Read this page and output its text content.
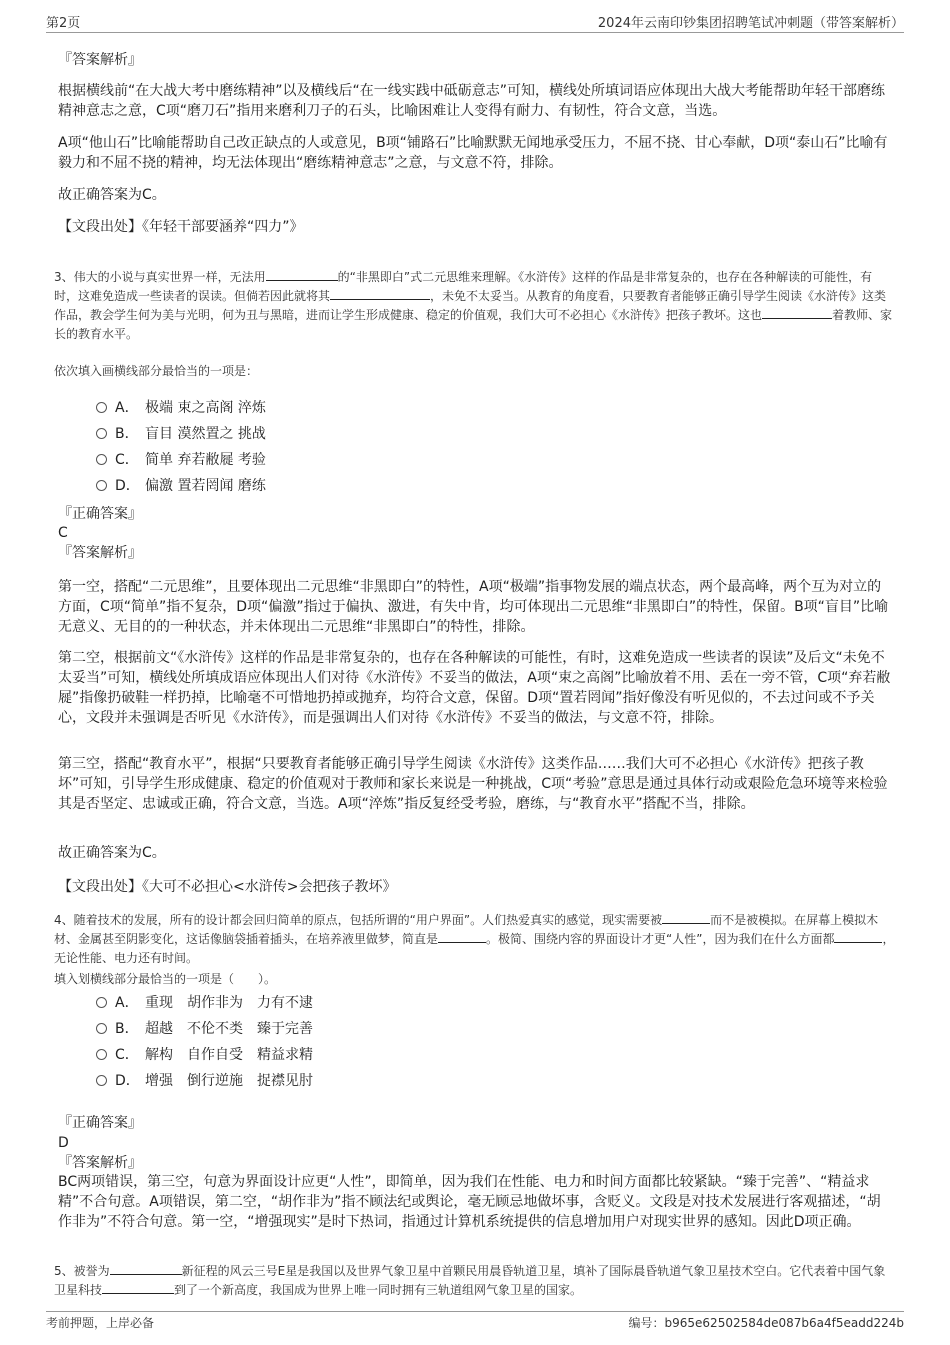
第2页	2024年云南印钞集团招聘笔试冲刺题（带答案解析）

『答案解析』

根据横线前“在大战大考中磨练精神”以及横线后“在一线实践中砥砺意志”可知，横线处所填词语应体现出大战大考能帮助年轻干部磨练精神意志之意，C项“磨刀石”指用来磨利刀子的石头，比喻困难让人变得有耐力、有韧性，符合文意，当选。

A项“他山石”比喻能帮助自己改正缺点的人或意见，B项“铺路石”比喻默默无闻地承受压力，不屈不挠、甘心奉献，D项“泰山石”比喻有毅力和不屈不挠的精神，均无法体现出“磨练精神意志”之意，与文意不符，排除。

故正确答案为C。

【文段出处】《年轻干部要涵养“四力”》

3、伟大的小说与真实世界一样，无法用	的“非黑即白”式二元思维来理解。《水浒传》这样的作品是非常复杂的，也存在各种解读的可能性，有时，这难免造成一些读者的误读。但倘若因此就将其	，未免不太妥当。从教育的角度看，只要教育者能够正确引导学生阅读《水浒传》这类作品，教会学生何为美与光明，何为丑与黑暗，进而让学生形成健康、稳定的价值观，我们大可不必担心《水浒传》把孩子教坏。这也	着教师、家长的教育水平。

依次填入画横线部分最恰当的一项是：

A． 极端 束之高阁 淬炼
B． 盲目 漠然置之 挑战
C． 简单 弃若敝屣 考验
D． 偏激 置若罔闻 磨练

『正确答案』

C

『答案解析』

第一空，搭配“二元思维”，且要体现出二元思维“非黑即白”的特性，A项“极端”指事物发展的端点状态，两个最高峰，两个互为对立的方面，C项“简单”指不复杂，D项“偏激”指过于偏执、激进，有失中肯，均可体现出二元思维“非黑即白”的特性，保留。B项“盲目”比喻无意义、无目的的一种状态，并未体现出二元思维“非黑即白”的特性，排除。

第二空，根据前文“《水浒传》这样的作品是非常复杂的，也存在各种解读的可能性，有时，这难免造成一些读者的误读”及后文“未免不太妥当”可知，横线处所填成语应体现出人们对待《水浒传》不妥当的做法，A项“束之高阁”比喻放着不用、丢在一旁不管，C项“弃若敝屣”指像扔破鞋一样扔掉，比喻毫不可惜地扔掉或抛弃，均符合文意，保留。D项“置若罔闻”指好像没有听见似的，不去过问或不予关心，文段并未强调是否听见《水浒传》，而是强调出人们对待《水浒传》不妥当的做法，与文意不符，排除。

第三空，搭配“教育水平”，根据“只要教育者能够正确引导学生阅读《水浒传》这类作品……我们大可不必担心《水浒传》把孩子教坏”可知，引导学生形成健康、稳定的价值观对于教师和家长来说是一种挑战，C项“考验”意思是通过具体行动或艰险危急环境等来检验其是否坚定、忠诚或正确，符合文意，当选。A项“淬炼”指反复经受考验，磨练，与“教育水平”搭配不当，排除。

故正确答案为C。

【文段出处】《大可不必担心<水浒传>会把孩子教坏》

4、随着技术的发展，所有的设计都会回归简单的原点，包括所谓的“用户界面”。人们热爱真实的感觉，现实需要被	而不是被模拟。在屏幕上模拟木材、金属甚至阴影变化，这话像脑袋插着插头，在培养液里做梦，简直是	。极简、围绕内容的界面设计才更“人性”，因为我们在什么方面都	，无论性能、电力还有时间。

填入划横线部分最恰当的一项是（　　）。

A． 重现　胡作非为　力有不逮
B． 超越　不伦不类　臻于完善
C． 解构　自作自受　精益求精
D． 增强　倒行逆施　捉襟见肘

『正确答案』

D

『答案解析』

BC两项错误，第三空，句意为界面设计应更“人性”，即简单，因为我们在性能、电力和时间方面都比较紧缺。“臻于完善”、“精益求精”不合句意。A项错误，第二空，“胡作非为”指不顾法纪或舆论，毫无顾忌地做坏事，含贬义。文段是对技术发展进行客观描述，“胡作非为”不符合句意。第一空，“增强现实”是时下热词，指通过计算机系统提供的信息增加用户对现实世界的感知。因此D项正确。

5、被誉为	新征程的风云三号E星是我国以及世界气象卫星中首颗民用晨昏轨道卫星，填补了国际晨昏轨道气象卫星技术空白。它代表着中国气象卫星科技	到了一个新高度，我国成为世界上唯一同时拥有三轨道组网气象卫星的国家。

考前押题，上岸必备	编号：b965e62502584de087b6a4f5eadd224b
